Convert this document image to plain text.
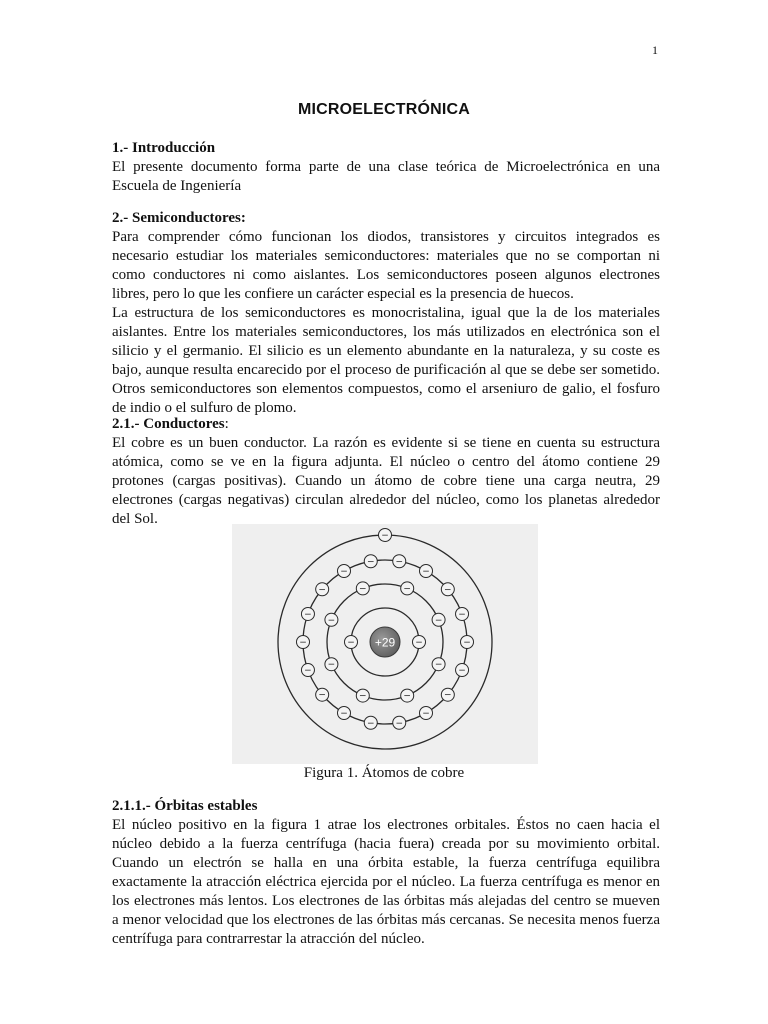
1
MICROELECTRÓNICA

1.- Introducción

El presente documento forma parte de una clase teórica de Microelectrónica en una Escuela de Ingeniería

2.- Semiconductores:

Para comprender cómo funcionan los diodos, transistores y circuitos integrados es necesario estudiar los materiales semiconductores: materiales que no se comportan ni como conductores ni como aislantes. Los semiconductores poseen algunos electrones libres, pero lo que les confiere un carácter especial es la presencia de huecos.

La estructura de los semiconductores es monocristalina, igual que la de los materiales aislantes. Entre los materiales semiconductores, los más utilizados en electrónica son el silicio y el germanio. El silicio es un elemento abundante en la naturaleza, y su coste es bajo, aunque resulta encarecido por el proceso de purificación al que se debe ser sometido. Otros semiconductores son elementos compuestos, como el arseniuro de galio, el fosfuro de indio o el sulfuro de plomo.

2.1.- Conductores:

El cobre es un buen conductor. La razón es evidente si se tiene en cuenta su estructura atómica, como se ve en la figura adjunta. El núcleo o centro del átomo contiene 29 protones (cargas positivas). Cuando un átomo de cobre tiene una carga neutra, 29 electrones (cargas negativas) circulan alrededor del núcleo, como los planetas alrededor del Sol.

+29
−	−
−
−
−
−
−
−
−
−
−
−
−
−
−
−
−
−
−
−
−
−
−
−
−
−
−
−
−
Figura 1. Átomos de cobre

2.1.1.- Órbitas estables

El núcleo positivo en la figura 1 atrae los electrones orbitales. Éstos no caen hacia el núcleo debido a la fuerza centrífuga (hacia fuera) creada por su movimiento orbital. Cuando un electrón se halla en una órbita estable, la fuerza centrífuga equilibra exactamente la atracción eléctrica ejercida por el núcleo. La fuerza centrífuga es menor en los electrones más lentos. Los electrones de las órbitas más alejadas del centro se mueven a menor velocidad que los electrones de las órbitas más cercanas. Se necesita menos fuerza centrífuga para contrarrestar la atracción del núcleo.
